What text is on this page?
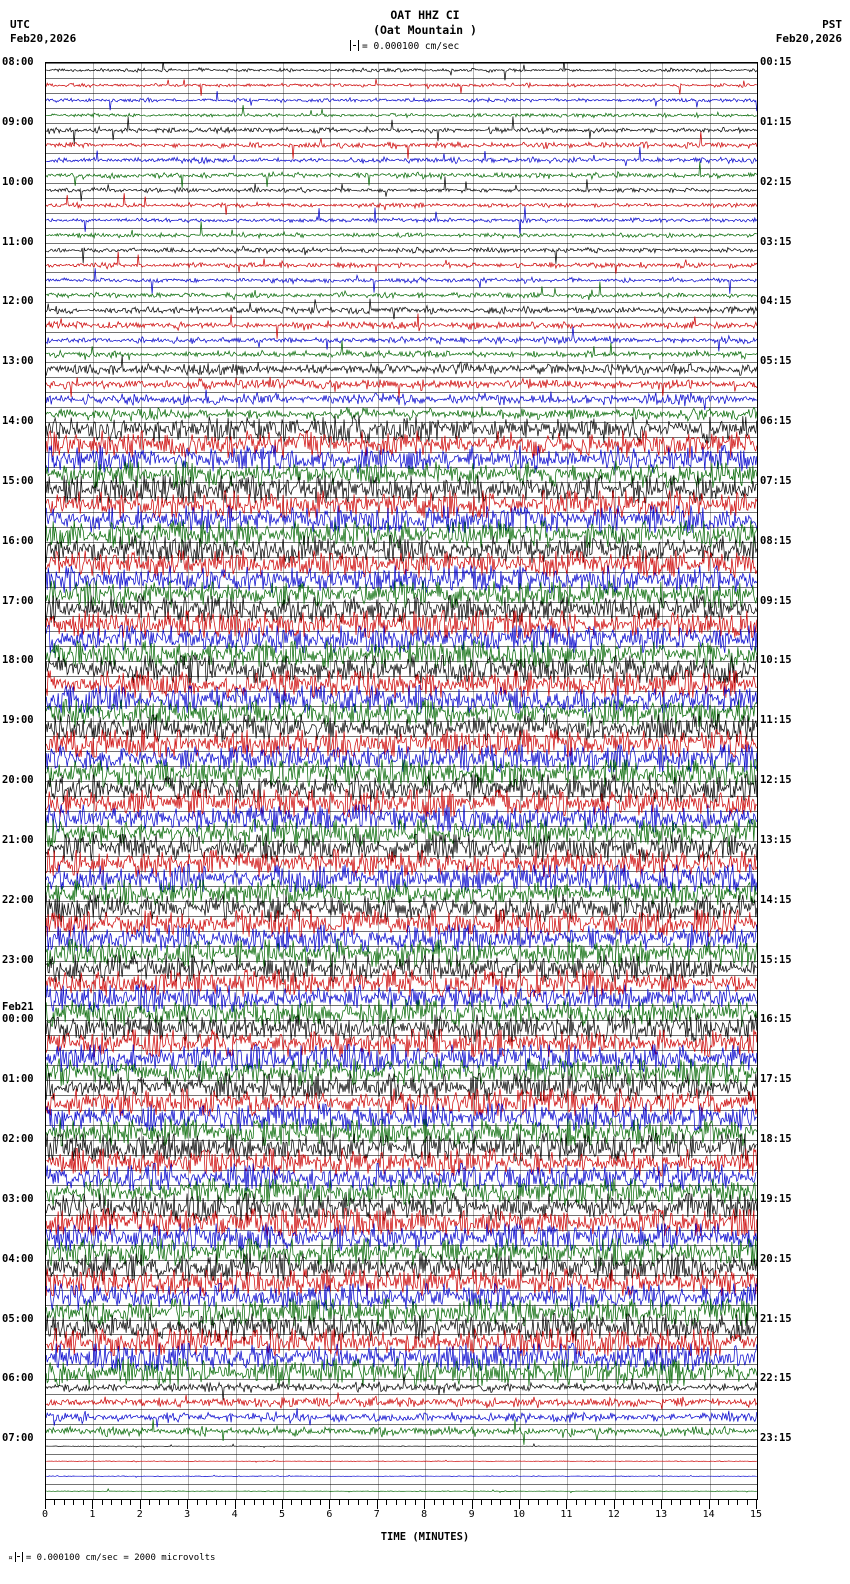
UTC
Feb20,2026
OAT HHZ CI
(Oat Mountain )	PST
Feb20,2026
= 0.000100 cm/sec
08:00
09:00
10:00
11:00
12:00
13:00
14:00
15:00
16:00
17:00
18:00
19:00
20:00
21:00
22:00
23:00
00:00
01:00
02:00
03:00
04:00
05:00
06:00
07:00
Feb21
00:15
01:15
02:15
03:15
04:15
05:15
06:15
07:15
08:15
09:15
10:15
11:15
12:15
13:15
14:15
15:15
16:15
17:15
18:15
19:15
20:15
21:15
22:15
23:15
0	1	2	3	4	5	6	7	8	9	10	11	12	13	14	15
TIME (MINUTES)
¤ = 0.000100 cm/sec = 2000 microvolts
